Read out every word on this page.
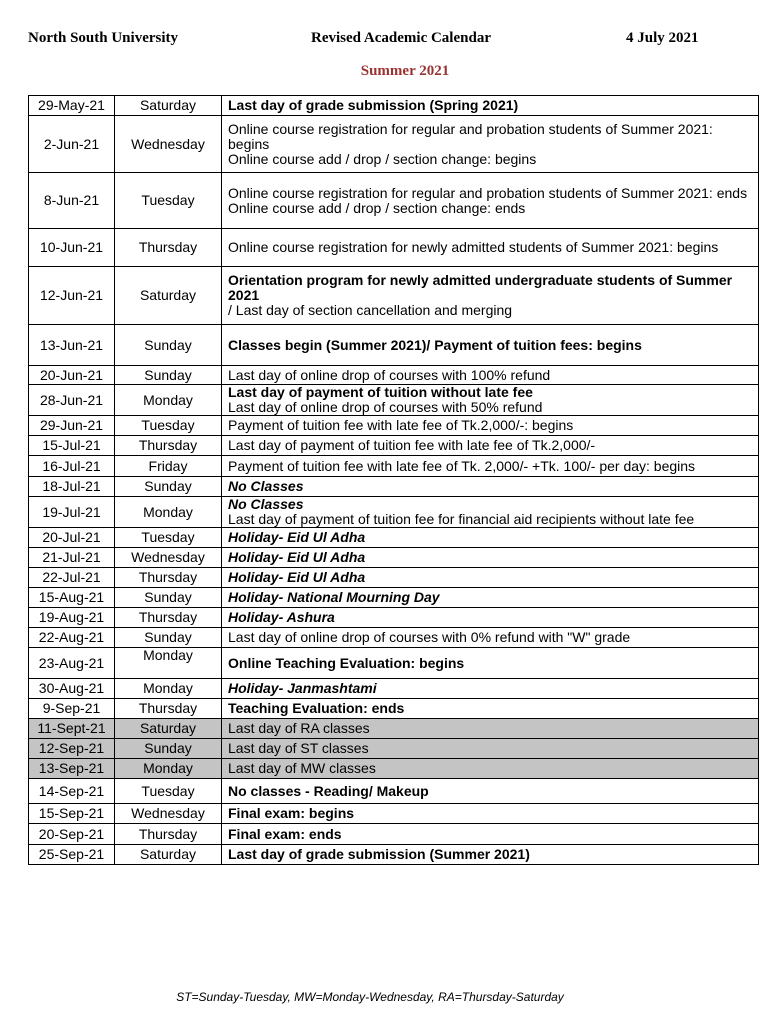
North South University	Revised Academic Calendar	4 July 2021
Summer 2021
29-May-21	Saturday	Last day of grade submission (Spring 2021)

2-Jun-21	Wednesday	Online course registration for regular and probation students of Summer 2021: begins
Online course add / drop / section change: begins

8-Jun-21	Tuesday	Online course registration for regular and probation students of Summer 2021: ends
Online course add / drop / section change: ends

10-Jun-21	Thursday	Online course registration for newly admitted students of Summer 2021: begins

12-Jun-21	Saturday	Orientation program for newly admitted undergraduate students of Summer 2021
/ Last day of section cancellation and merging

13-Jun-21	Sunday	Classes begin (Summer 2021)/ Payment of tuition fees: begins

20-Jun-21	Sunday	Last day of online drop of courses with 100% refund

28-Jun-21	Monday	Last day of payment of tuition without late fee
Last day of online drop of courses with 50% refund

29-Jun-21	Tuesday	Payment of tuition fee with late fee of Tk.2,000/-: begins

15-Jul-21	Thursday	Last day of payment of tuition fee with late fee of Tk.2,000/-

16-Jul-21	Friday	Payment of tuition fee with late fee of Tk. 2,000/- +Tk. 100/- per day: begins

18-Jul-21	Sunday	No Classes

19-Jul-21	Monday	No Classes
Last day of payment of tuition fee for financial aid recipients without late fee

20-Jul-21	Tuesday	Holiday- Eid Ul Adha

21-Jul-21	Wednesday	Holiday- Eid Ul Adha

22-Jul-21	Thursday	Holiday- Eid Ul Adha

15-Aug-21	Sunday	Holiday- National Mourning Day

19-Aug-21	Thursday	Holiday- Ashura

22-Aug-21	Sunday	Last day of online drop of courses with 0% refund with "W" grade

23-Aug-21	Monday	Online Teaching Evaluation: begins

30-Aug-21	Monday	Holiday- Janmashtami

9-Sep-21	Thursday	Teaching Evaluation: ends

11-Sept-21	Saturday	Last day of RA classes

12-Sep-21	Sunday	Last day of ST classes

13-Sep-21	Monday	Last day of MW classes

14-Sep-21	Tuesday	No classes - Reading/ Makeup

15-Sep-21	Wednesday	Final exam: begins

20-Sep-21	Thursday	Final exam: ends

25-Sep-21	Saturday	Last day of grade submission (Summer 2021)
ST=Sunday-Tuesday, MW=Monday-Wednesday, RA=Thursday-Saturday
